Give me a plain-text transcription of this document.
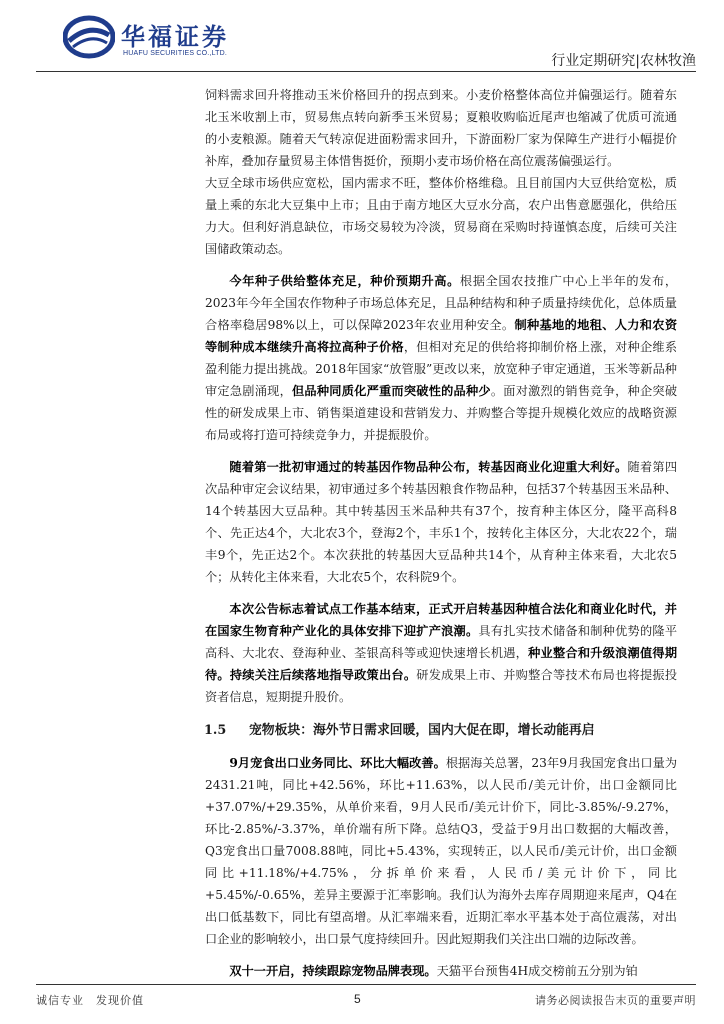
华福证券
HUAFU SECURITIES CO.,LTD.	行业定期研究|农林牧渔

饲料需求回升将推动玉米价格回升的拐点到来。小麦价格整体高位并偏强运行。随着东北玉米收割上市，贸易焦点转向新季玉米贸易；夏粮收购临近尾声也缩减了优质可流通的小麦粮源。随着天气转凉促进面粉需求回升，下游面粉厂家为保障生产进行小幅提价补库，叠加存量贸易主体惜售挺价，预期小麦市场价格在高位震荡偏强运行。

大豆全球市场供应宽松，国内需求不旺，整体价格维稳。且目前国内大豆供给宽松，质量上乘的东北大豆集中上市；且由于南方地区大豆水分高，农户出售意愿强化，供给压力大。但利好消息缺位，市场交易较为冷淡，贸易商在采购时持谨慎态度，后续可关注国储政策动态。

今年种子供给整体充足，种价预期升高。根据全国农技推广中心上半年的发布，2023年今年全国农作物种子市场总体充足，且品种结构和种子质量持续优化，总体质量合格率稳居98%以上，可以保障2023年农业用种安全。制种基地的地租、人力和农资等制种成本继续升高将拉高种子价格，但相对充足的供给将抑制价格上涨，对种企维系盈利能力提出挑战。2018年国家“放管服”更改以来，放宽种子审定通道，玉米等新品种审定急剧涌现，但品种同质化严重而突破性的品种少。面对激烈的销售竞争，种企突破性的研发成果上市、销售渠道建设和营销发力、并购整合等提升规模化效应的战略资源布局或将打造可持续竞争力，并提振股价。

随着第一批初审通过的转基因作物品种公布，转基因商业化迎重大利好。随着第四次品种审定会议结果，初审通过多个转基因粮食作物品种，包括37个转基因玉米品种、14个转基因大豆品种。其中转基因玉米品种共有37个，按育种主体区分，隆平高科8个、先正达4个，大北农3个，登海2个，丰乐1个，按转化主体区分，大北农22个，瑞丰9个，先正达2个。本次获批的转基因大豆品种共14个，从育种主体来看，大北农5个；从转化主体来看，大北农5个，农科院9个。

本次公告标志着试点工作基本结束，正式开启转基因种植合法化和商业化时代，并在国家生物育种产业化的具体安排下迎扩产浪潮。具有扎实技术储备和制种优势的隆平高科、大北农、登海种业、荃银高科等或迎快速增长机遇，种业整合和升级浪潮值得期待。持续关注后续落地指导政策出台。研发成果上市、并购整合等技术布局也将提振投资者信息，短期提升股价。

1.5 宠物板块：海外节日需求回暖，国内大促在即，增长动能再启

9月宠食出口业务同比、环比大幅改善。根据海关总署，23年9月我国宠食出口量为2431.21吨，同比+42.56%，环比+11.63%，以人民币/美元计价，出口金额同比+37.07%/+29.35%，从单价来看，9月人民币/美元计价下，同比-3.85%/-9.27%，环比-2.85%/-3.37%，单价端有所下降。总结Q3，受益于9月出口数据的大幅改善，Q3宠食出口量7008.88吨，同比+5.43%，实现转正，以人民币/美元计价，出口金额同比+11.18%/+4.75%，分拆单价来看，人民币/美元计价下，同比+5.45%/-0.65%，差异主要源于汇率影响。我们认为海外去库存周期迎来尾声，Q4在出口低基数下，同比有望高增。从汇率端来看，近期汇率水平基本处于高位震荡，对出口企业的影响较小，出口景气度持续回升。因此短期我们关注出口端的边际改善。

双十一开启，持续跟踪宠物品牌表现。天猫平台预售4H成交榜前五分别为铂

诚信专业　发现价值	5	请务必阅读报告末页的重要声明
